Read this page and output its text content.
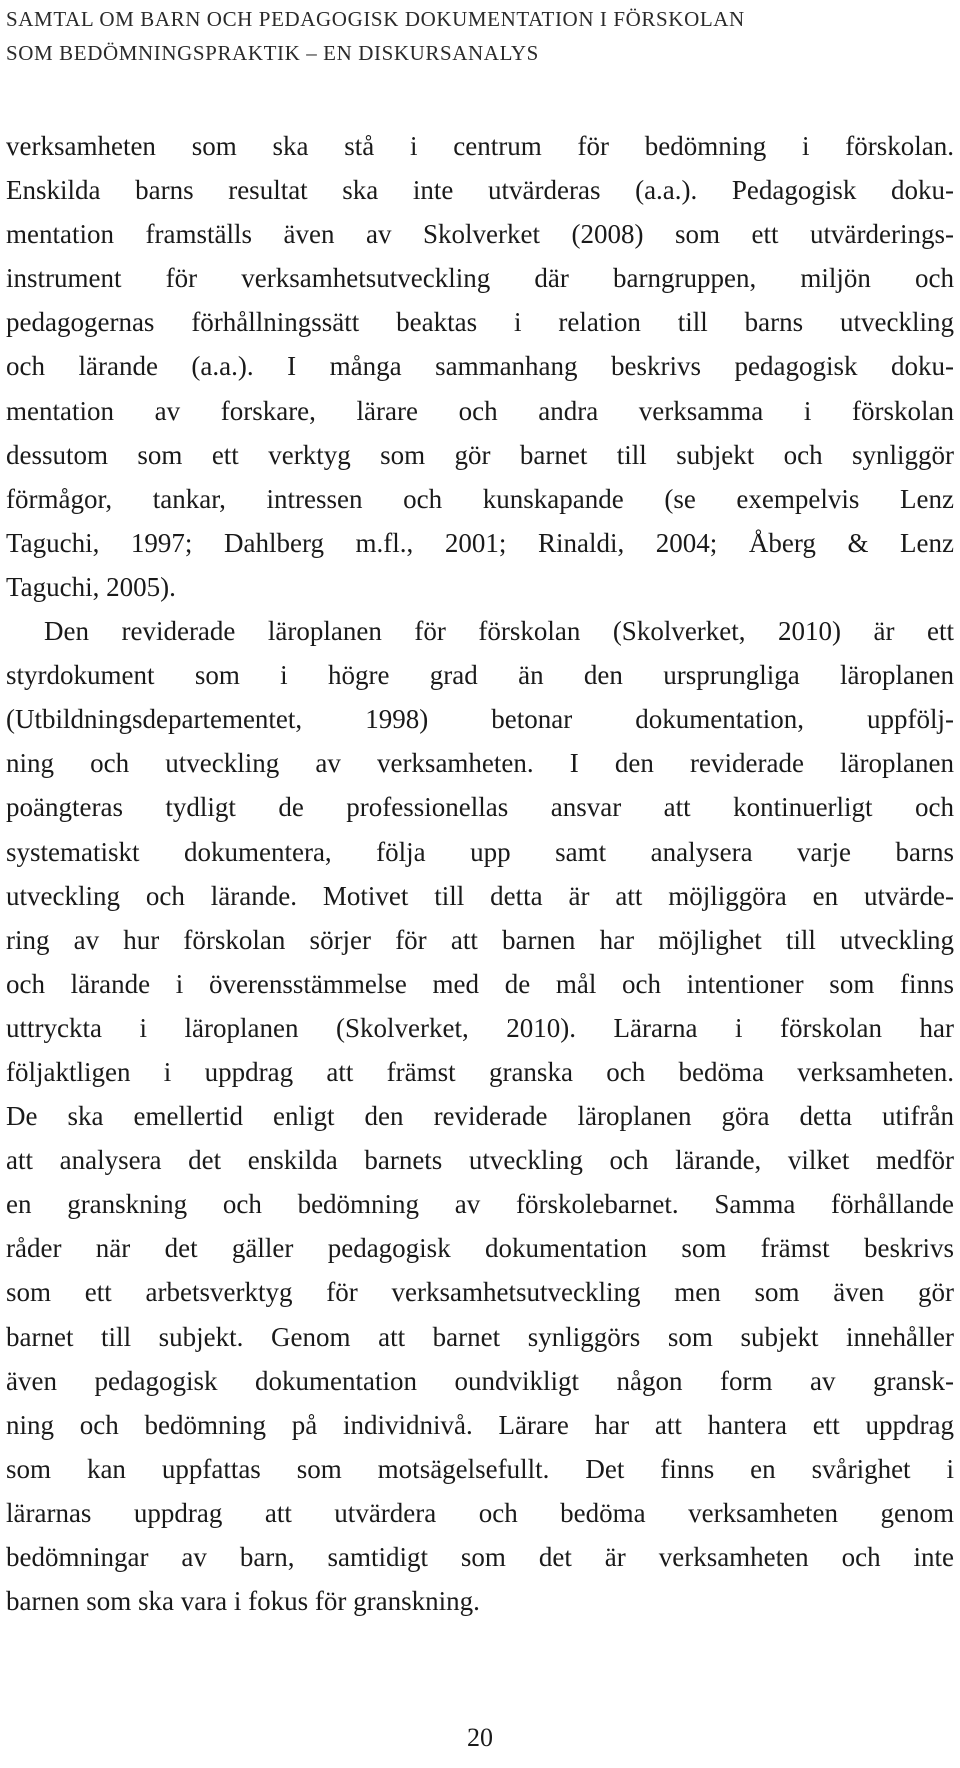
SAMTAL OM BARN OCH PEDAGOGISK DOKUMENTATION I FÖRSKOLAN
SOM BEDÖMNINGSPRAKTIK – EN DISKURSANALYS
verksamheten som ska stå i centrum för bedömning i förskolan.
Enskilda barns resultat ska inte utvärderas (a.a.). Pedagogisk doku-
mentation framställs även av Skolverket (2008) som ett utvärderings-
instrument för verksamhetsutveckling där barngruppen, miljön och
pedagogernas förhållningssätt beaktas i relation till barns utveckling
och lärande (a.a.). I många sammanhang beskrivs pedagogisk doku-
mentation av forskare, lärare och andra verksamma i förskolan
dessutom som ett verktyg som gör barnet till subjekt och synliggör
förmågor, tankar, intressen och kunskapande (se exempelvis Lenz
Taguchi, 1997; Dahlberg m.fl., 2001; Rinaldi, 2004; Åberg & Lenz
Taguchi, 2005).
Den reviderade läroplanen för förskolan (Skolverket, 2010) är ett
styrdokument som i högre grad än den ursprungliga läroplanen
(Utbildningsdepartementet, 1998) betonar dokumentation, uppfölj-
ning och utveckling av verksamheten. I den reviderade läroplanen
poängteras tydligt de professionellas ansvar att kontinuerligt och
systematiskt dokumentera, följa upp samt analysera varje barns
utveckling och lärande. Motivet till detta är att möjliggöra en utvärde-
ring av hur förskolan sörjer för att barnen har möjlighet till utveckling
och lärande i överensstämmelse med de mål och intentioner som finns
uttryckta i läroplanen (Skolverket, 2010). Lärarna i förskolan har
följaktligen i uppdrag att främst granska och bedöma verksamheten.
De ska emellertid enligt den reviderade läroplanen göra detta utifrån
att analysera det enskilda barnets utveckling och lärande, vilket medför
en granskning och bedömning av förskolebarnet. Samma förhållande
råder när det gäller pedagogisk dokumentation som främst beskrivs
som ett arbetsverktyg för verksamhetsutveckling men som även gör
barnet till subjekt. Genom att barnet synliggörs som subjekt innehåller
även pedagogisk dokumentation oundvikligt någon form av gransk-
ning och bedömning på individnivå. Lärare har att hantera ett uppdrag
som kan uppfattas som motsägelsefullt. Det finns en svårighet i
lärarnas uppdrag att utvärdera och bedöma verksamheten genom
bedömningar av barn, samtidigt som det är verksamheten och inte
barnen som ska vara i fokus för granskning.
20
